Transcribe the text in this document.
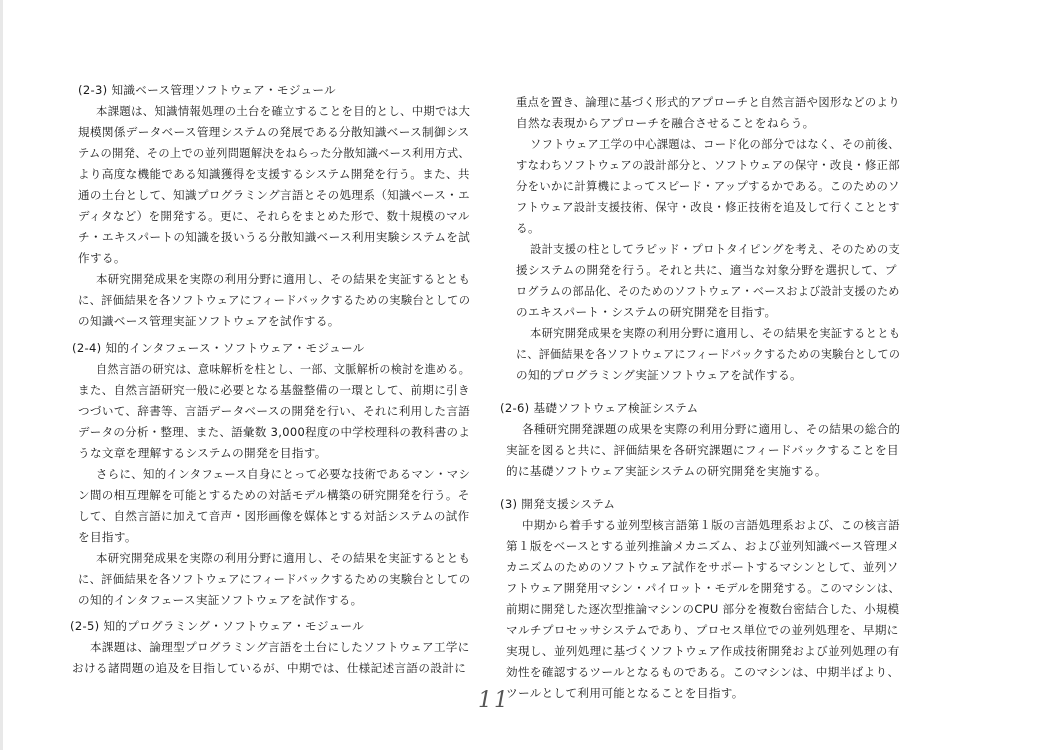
(2-3) 知識ベース管理ソフトウェア・モジュール
本課題は、知識情報処理の土台を確立することを目的とし、中期では大
規模関係データベース管理システムの発展である分散知識ベース制御シス
テムの開発、その上での並列問題解決をねらった分散知識ベース利用方式、
より高度な機能である知識獲得を支援するシステム開発を行う。また、共
通の土台として、知識プログラミング言語とその処理系（知識ベース・エ
ディタなど）を開発する。更に、それらをまとめた形で、数十規模のマル
チ・エキスパートの知識を扱いうる分散知識ベース利用実験システムを試
作する。
本研究開発成果を実際の利用分野に適用し、その結果を実証するととも
に、評価結果を各ソフトウェアにフィードバックするための実験台としての
の知識ベース管理実証ソフトウェアを試作する。
(2-4) 知的インタフェース・ソフトウェア・モジュール
自然言語の研究は、意味解析を柱とし、一部、文脈解析の検討を進める。
また、自然言語研究一般に必要となる基盤整備の一環として、前期に引き
つづいて、辞書等、言語データベースの開発を行い、それに利用した言語
データの分析・整理、また、語彙数 3,000程度の中学校理科の教科書のよ
うな文章を理解するシステムの開発を目指す。
さらに、知的インタフェース自身にとって必要な技術であるマン・マシ
ン間の相互理解を可能とするための対話モデル構築の研究開発を行う。そ
して、自然言語に加えて音声・図形画像を媒体とする対話システムの試作
を目指す。
本研究開発成果を実際の利用分野に適用し、その結果を実証するととも
に、評価結果を各ソフトウェアにフィードバックするための実験台としての
の知的インタフェース実証ソフトウェアを試作する。
(2-5) 知的プログラミング・ソフトウェア・モジュール
本課題は、論理型プログラミング言語を土台にしたソフトウェア工学に
おける諸問題の追及を目指しているが、中期では、仕様記述言語の設計に
重点を置き、論理に基づく形式的アプローチと自然言語や図形などのより
自然な表現からアプローチを融合させることをねらう。
ソフトウェア工学の中心課題は、コード化の部分ではなく、その前後、
すなわちソフトウェアの設計部分と、ソフトウェアの保守・改良・修正部
分をいかに計算機によってスピード・アップするかである。このためのソ
フトウェア設計支援技術、保守・改良・修正技術を追及して行くこととす
る。
設計支援の柱としてラピッド・プロトタイピングを考え、そのための支
援システムの開発を行う。それと共に、適当な対象分野を選択して、プ
ログラムの部品化、そのためのソフトウェア・ベースおよび設計支援のため
のエキスパート・システムの研究開発を目指す。
本研究開発成果を実際の利用分野に適用し、その結果を実証するととも
に、評価結果を各ソフトウェアにフィードバックするための実験台としての
の知的プログラミング実証ソフトウェアを試作する。
(2-6) 基礎ソフトウェア検証システム
各種研究開発課題の成果を実際の利用分野に適用し、その結果の総合的
実証を図ると共に、評価結果を各研究課題にフィードバックすることを目
的に基礎ソフトウェア実証システムの研究開発を実施する。
(3) 開発支援システム
中期から着手する並列型核言語第１版の言語処理系および、この核言語
第１版をベースとする並列推論メカニズム、および並列知識ベース管理メ
カニズムのためのソフトウェア試作をサポートするマシンとして、並列ソ
フトウェア開発用マシン・パイロット・モデルを開発する。このマシンは、
前期に開発した逐次型推論マシンのCPU 部分を複数台密結合した、小規模
マルチプロセッサシステムであり、プロセス単位での並列処理を、早期に
実現し、並列処理に基づくソフトウェア作成技術開発および並列処理の有
効性を確認するツールとなるものである。このマシンは、中期半ばより、
ツールとして利用可能となることを目指す。
11
